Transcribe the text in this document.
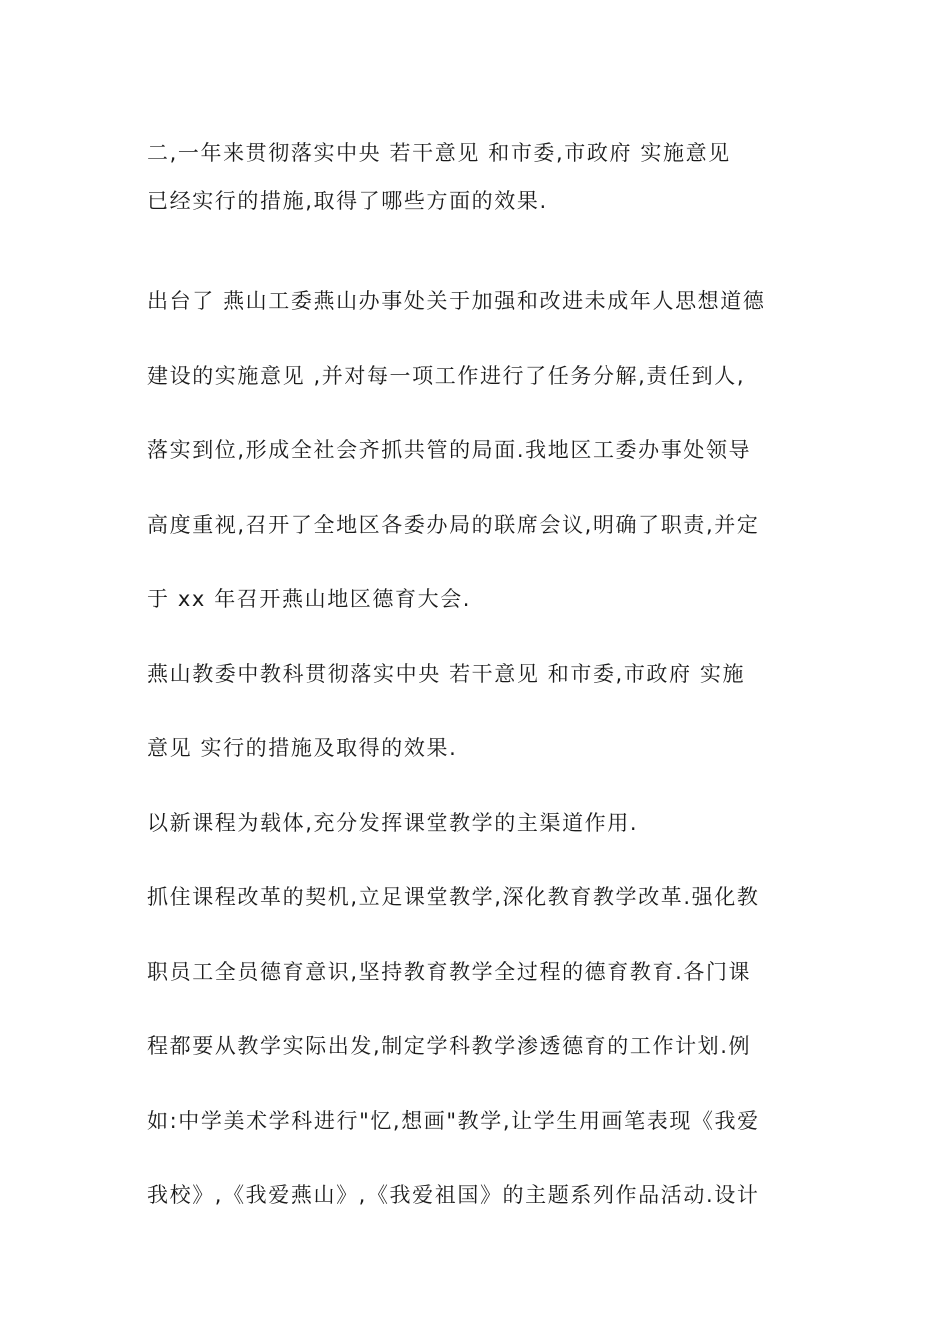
二,一年来贯彻落实中央 若干意见 和市委,市政府 实施意见
已经实行的措施,取得了哪些方面的效果.
出台了 燕山工委燕山办事处关于加强和改进未成年人思想道德
建设的实施意见 ,并对每一项工作进行了任务分解,责任到人,
落实到位,形成全社会齐抓共管的局面.我地区工委办事处领导
高度重视,召开了全地区各委办局的联席会议,明确了职责,并定
于 xx 年召开燕山地区德育大会.
燕山教委中教科贯彻落实中央 若干意见 和市委,市政府 实施
意见 实行的措施及取得的效果.
以新课程为载体,充分发挥课堂教学的主渠道作用.
抓住课程改革的契机,立足课堂教学,深化教育教学改革.强化教
职员工全员德育意识,坚持教育教学全过程的德育教育.各门课
程都要从教学实际出发,制定学科教学渗透德育的工作计划.例
如:中学美术学科进行"忆,想画"教学,让学生用画笔表现《我爱
我校》,《我爱燕山》,《我爱祖国》的主题系列作品活动.设计
